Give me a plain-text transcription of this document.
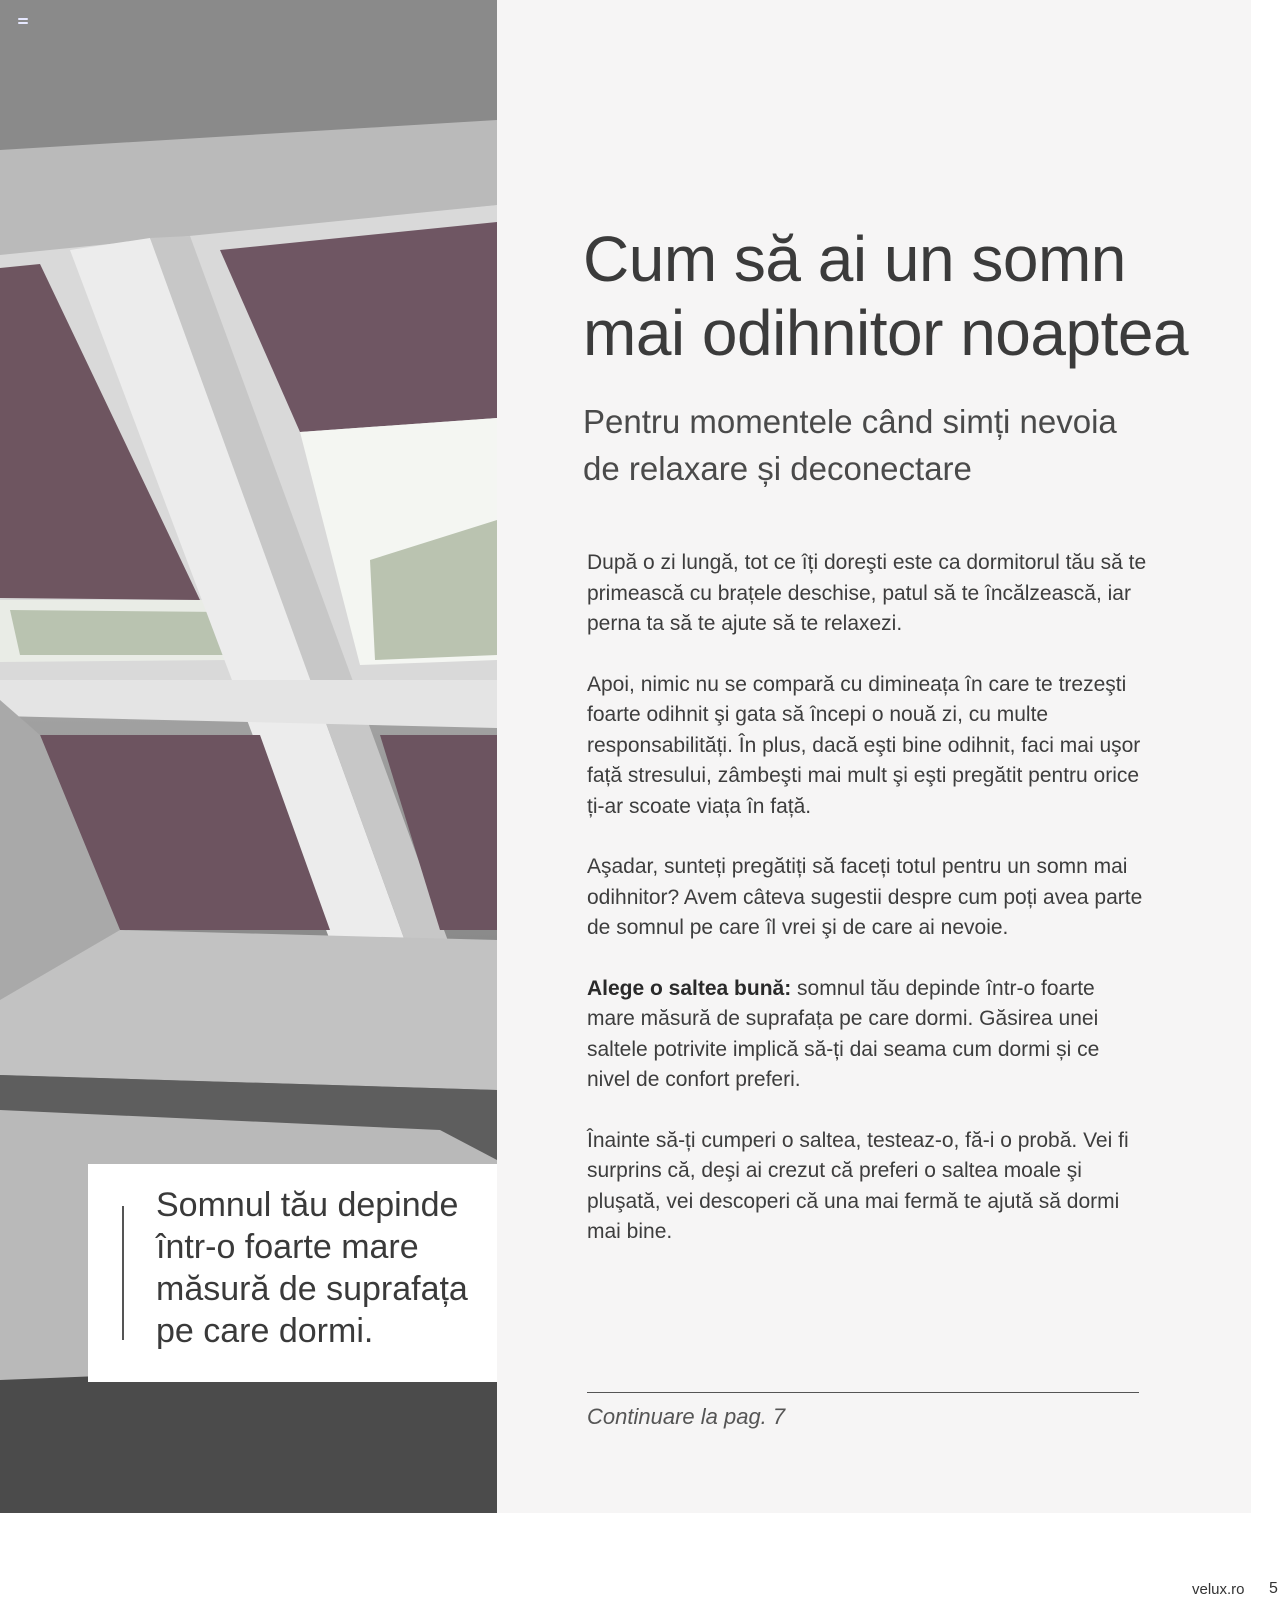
Somnul tău depinde într-o foarte mare măsură de suprafața pe care dormi.
Cum să ai un somn mai odihnitor noaptea
Pentru momentele când simți nevoia de relaxare și deconectare

După o zi lungă, tot ce îți doreşti este ca dormitorul tău să te primească cu brațele deschise, patul să te încălzească, iar perna ta să te ajute să te relaxezi.

Apoi, nimic nu se compară cu dimineața în care te trezeşti foarte odihnit şi gata să începi o nouă zi, cu multe responsabilități. În plus, dacă eşti bine odihnit, faci mai uşor față stresului, zâmbeşti mai mult şi eşti pregătit pentru orice ți-ar scoate viața în față.

Aşadar, sunteți pregătiți să faceți totul pentru un somn mai odihnitor? Avem câteva sugestii despre cum poți avea parte de somnul pe care îl vrei şi de care ai nevoie.

Alege o saltea bună: somnul tău depinde într-o foarte mare măsură de suprafața pe care dormi. Găsirea unei saltele potrivite implică să-ți dai seama cum dormi și ce nivel de confort preferi.

Înainte să-ți cumperi o saltea, testeaz-o, fă-i o probă. Vei fi surprins că, deşi ai crezut că preferi o saltea moale şi pluşată, vei descoperi că una mai fermă te ajută să dormi mai bine.

Continuare la pag. 7
velux.ro 5
